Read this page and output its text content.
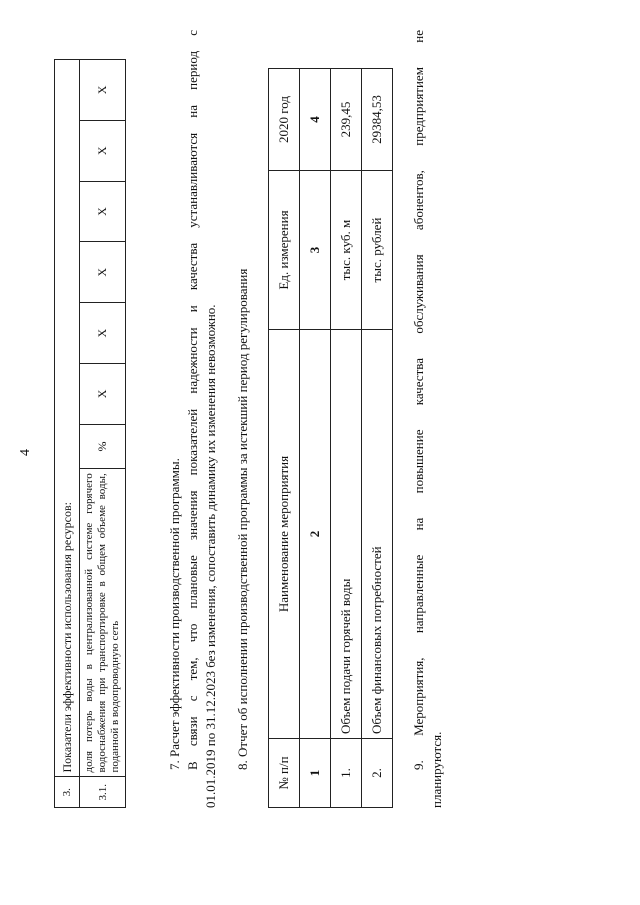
4
3.	Показатели эффективности использования ресурсов:							
3.1.	доля потерь воды в централизованной системе горячего водоснабжения при транспортировке в общем объеме воды, поданной в водопроводную сеть	%	Х	Х	Х	Х	Х	Х
7. Расчет эффективности производственной программы. В связи с тем, что плановые значения показателей надежности и качества устанавливаются на период с 01.01.2019 по 31.12.2023 без изменения, сопоставить динамику их изменения невозможно. 8. Отчет об исполнении производственной программы за истекший период регулирования
№ п/п	Наименование мероприятия	Ед. измерения	2020 год
1	2	3	4
1.	Объем подачи горячей воды	тыс. куб. м	239,45
2.	Объем финансовых потребностей	тыс. рублей	29384,53 9. Мероприятия, направленные на повышение качества обслуживания абонентов, предприятием не планируются.
